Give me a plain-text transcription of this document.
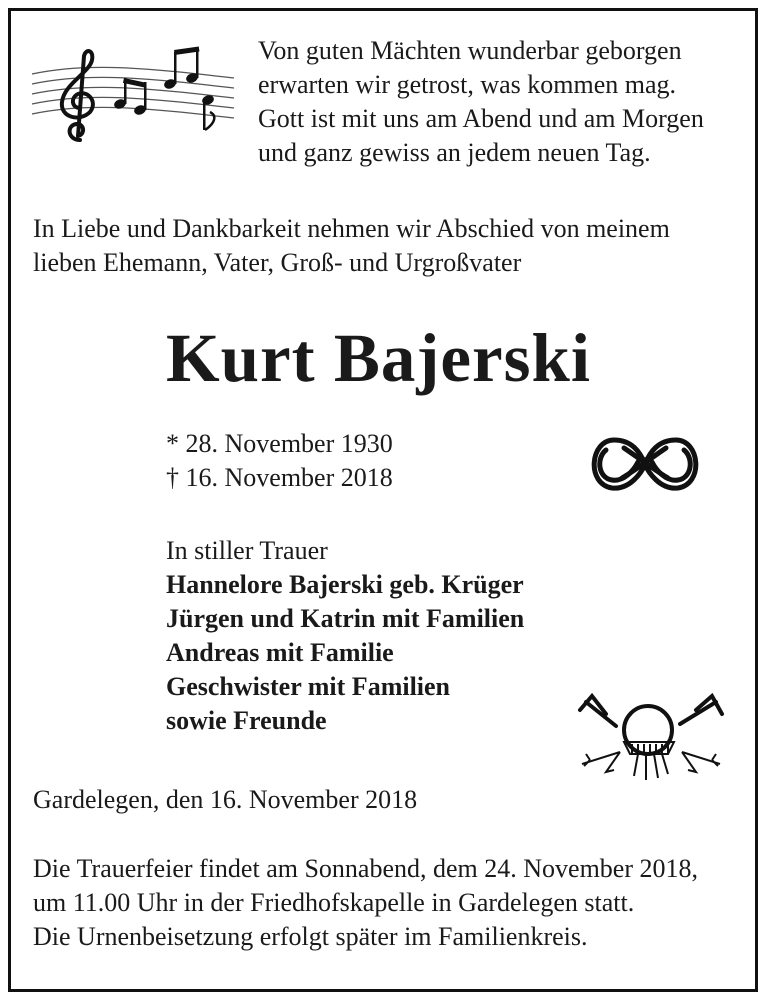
Von guten Mächten wunderbar geborgen
erwarten wir getrost, was kommen mag.
Gott ist mit uns am Abend und am Morgen
und ganz gewiss an jedem neuen Tag.
In Liebe und Dankbarkeit nehmen wir Abschied von meinem
lieben Ehemann, Vater, Groß- und Urgroßvater
Kurt Bajerski
* 28. November 1930
† 16. November 2018
In stiller Trauer
Hannelore Bajerski geb. Krüger
Jürgen und Katrin mit Familien
Andreas mit Familie
Geschwister mit Familien
sowie Freunde
Gardelegen, den 16. November 2018
Die Trauerfeier findet am Sonnabend, dem 24. November 2018,
um 11.00 Uhr in der Friedhofskapelle in Gardelegen statt.
Die Urnenbeisetzung erfolgt später im Familienkreis.
